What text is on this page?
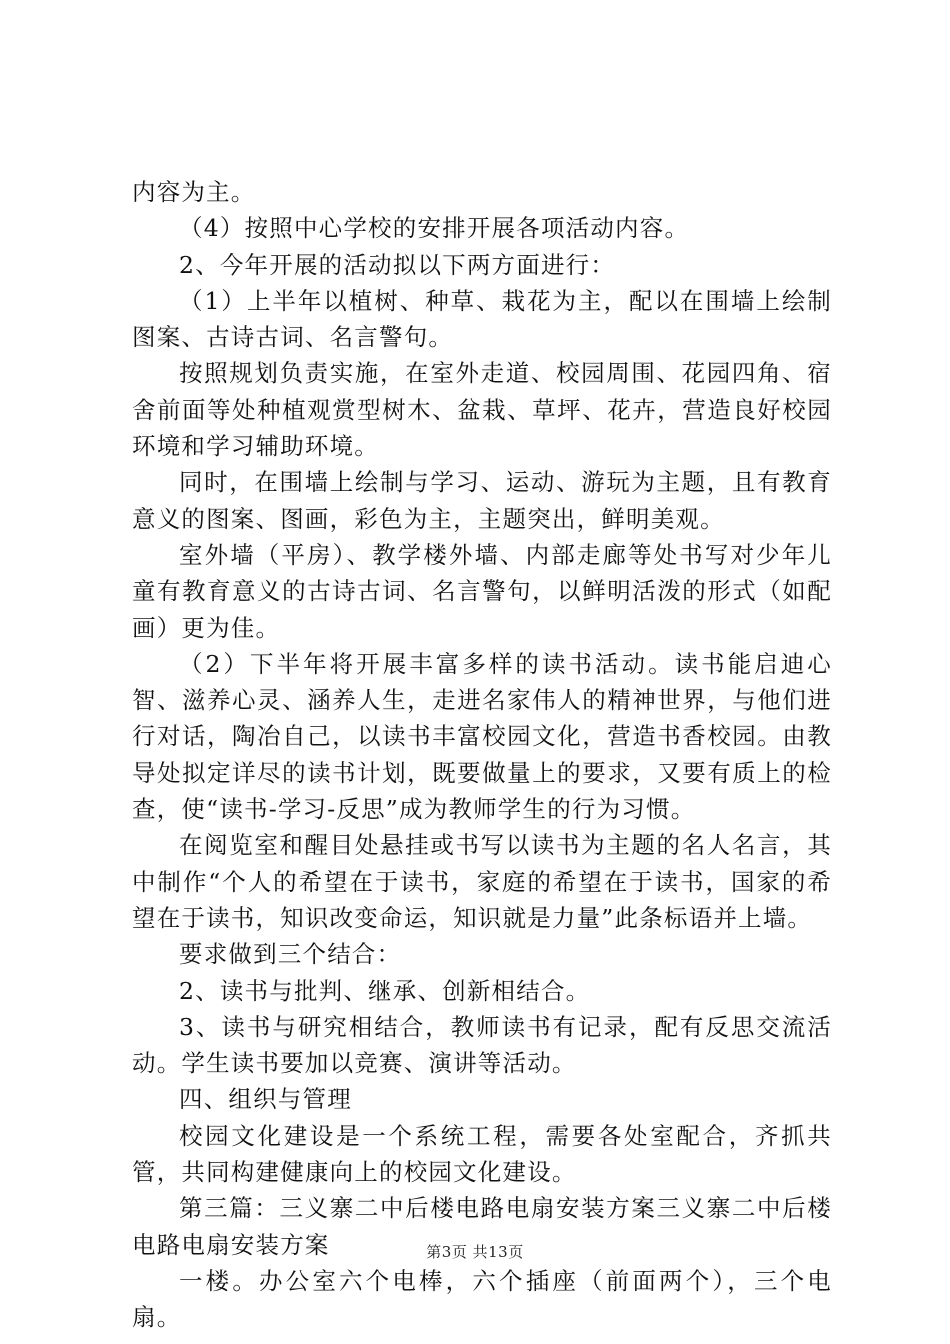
内容为主。

（4）按照中心学校的安排开展各项活动内容。

2、今年开展的活动拟以下两方面进行：

（1）上半年以植树、种草、栽花为主，配以在围墙上绘制图案、古诗古词、名言警句。

按照规划负责实施，在室外走道、校园周围、花园四角、宿舍前面等处种植观赏型树木、盆栽、草坪、花卉，营造良好校园环境和学习辅助环境。

同时，在围墙上绘制与学习、运动、游玩为主题，且有教育意义的图案、图画，彩色为主，主题突出，鲜明美观。

室外墙（平房）、教学楼外墙、内部走廊等处书写对少年儿童有教育意义的古诗古词、名言警句，以鲜明活泼的形式（如配画）更为佳。

（2）下半年将开展丰富多样的读书活动。读书能启迪心智、滋养心灵、涵养人生，走进名家伟人的精神世界，与他们进行对话，陶冶自己，以读书丰富校园文化，营造书香校园。由教导处拟定详尽的读书计划，既要做量上的要求，又要有质上的检查，使“读书-学习-反思”成为教师学生的行为习惯。

在阅览室和醒目处悬挂或书写以读书为主题的名人名言，其中制作“个人的希望在于读书，家庭的希望在于读书，国家的希望在于读书，知识改变命运，知识就是力量”此条标语并上墙。

要求做到三个结合：

2、读书与批判、继承、创新相结合。

3、读书与研究相结合，教师读书有记录，配有反思交流活动。学生读书要加以竞赛、演讲等活动。

四、组织与管理

校园文化建设是一个系统工程，需要各处室配合，齐抓共管，共同构建健康向上的校园文化建设。

第三篇：三义寨二中后楼电路电扇安装方案三义寨二中后楼电路电扇安装方案

一楼。办公室六个电棒，六个插座（前面两个），三个电扇。

第3页 共13页
